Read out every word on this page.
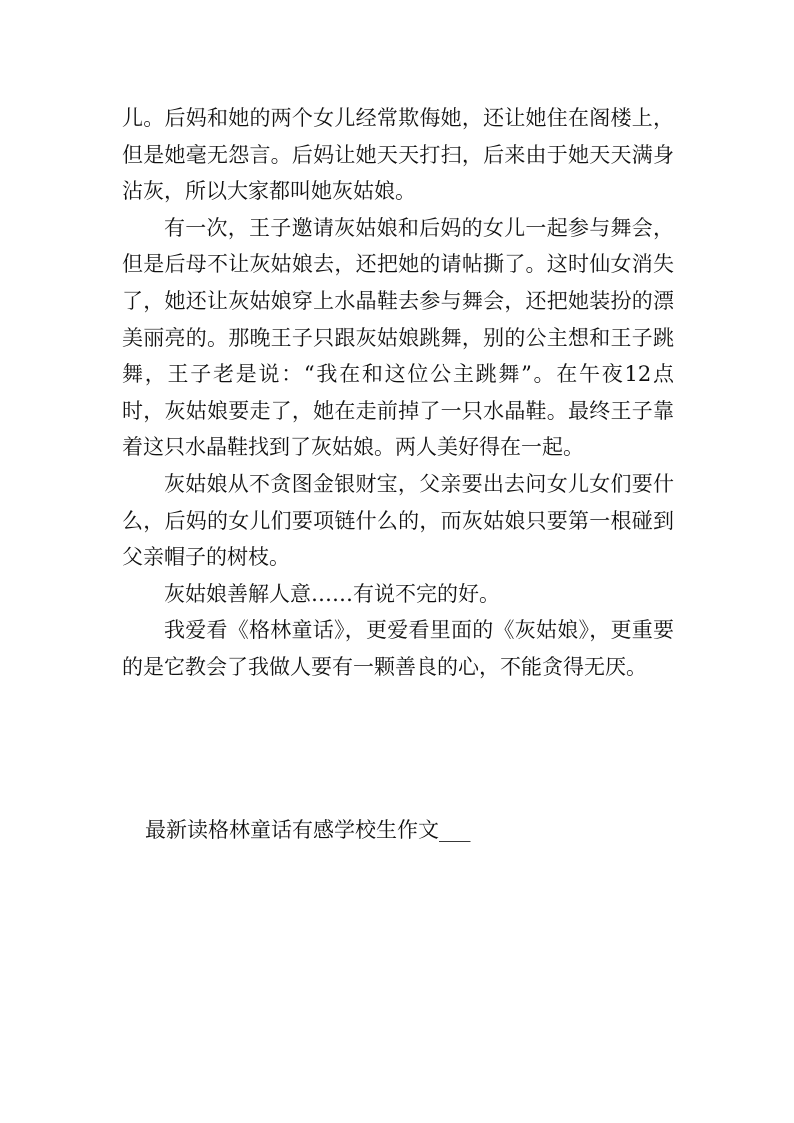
儿。后妈和她的两个女儿经常欺侮她，还让她住在阁楼上，但是她毫无怨言。后妈让她天天打扫，后来由于她天天满身沾灰，所以大家都叫她灰姑娘。

有一次，王子邀请灰姑娘和后妈的女儿一起参与舞会，但是后母不让灰姑娘去，还把她的请帖撕了。这时仙女消失了，她还让灰姑娘穿上水晶鞋去参与舞会，还把她装扮的漂美丽亮的。那晚王子只跟灰姑娘跳舞，别的公主想和王子跳舞，王子老是说：“我在和这位公主跳舞”。在午夜12点时，灰姑娘要走了，她在走前掉了一只水晶鞋。最终王子靠着这只水晶鞋找到了灰姑娘。两人美好得在一起。

灰姑娘从不贪图金银财宝，父亲要出去问女儿女们要什么，后妈的女儿们要项链什么的，而灰姑娘只要第一根碰到父亲帽子的树枝。

灰姑娘善解人意……有说不完的好。

我爱看《格林童话》，更爱看里面的《灰姑娘》，更重要的是它教会了我做人要有一颗善良的心，不能贪得无厌。

最新读格林童话有感学校生作文___
